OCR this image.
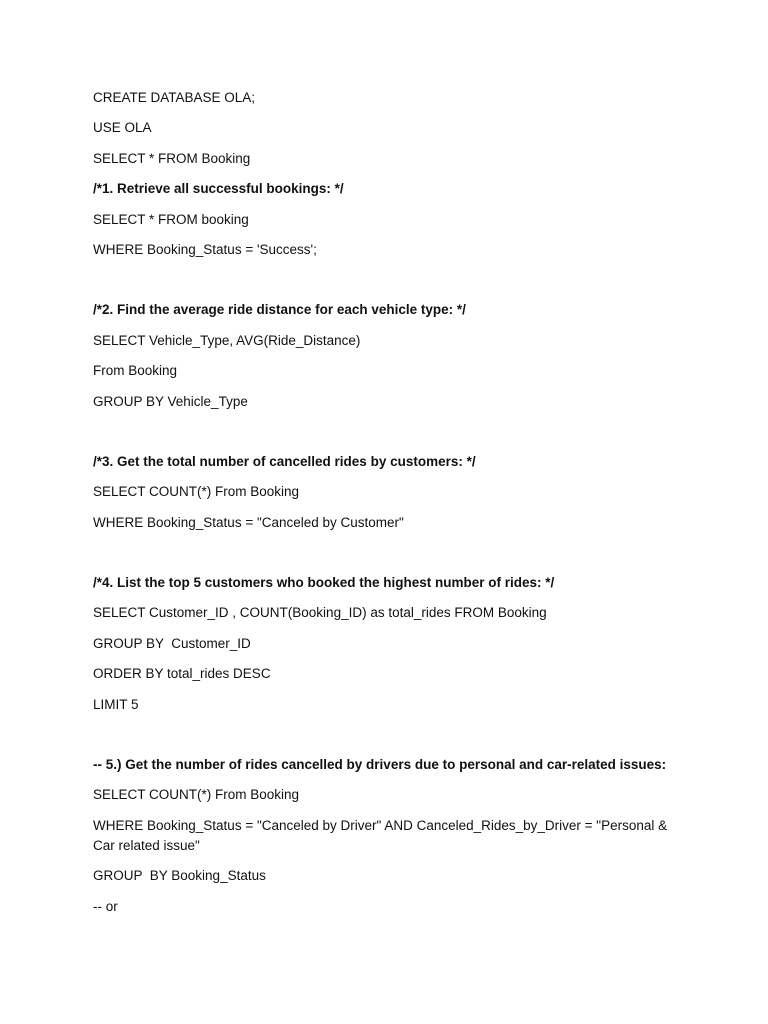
CREATE DATABASE OLA;
USE OLA
SELECT * FROM Booking
/*1. Retrieve all successful bookings: */
SELECT * FROM booking
WHERE Booking_Status = 'Success';
/*2. Find the average ride distance for each vehicle type: */
SELECT Vehicle_Type, AVG(Ride_Distance)
From Booking
GROUP BY Vehicle_Type
/*3. Get the total number of cancelled rides by customers: */
SELECT COUNT(*) From Booking
WHERE Booking_Status = "Canceled by Customer"
/*4. List the top 5 customers who booked the highest number of rides: */
SELECT Customer_ID , COUNT(Booking_ID) as total_rides FROM Booking
GROUP BY  Customer_ID
ORDER BY total_rides DESC
LIMIT 5
-- 5.) Get the number of rides cancelled by drivers due to personal and car-related issues:
SELECT COUNT(*) From Booking
WHERE Booking_Status = "Canceled by Driver" AND Canceled_Rides_by_Driver = "Personal & Car related issue"
GROUP  BY Booking_Status
-- or
